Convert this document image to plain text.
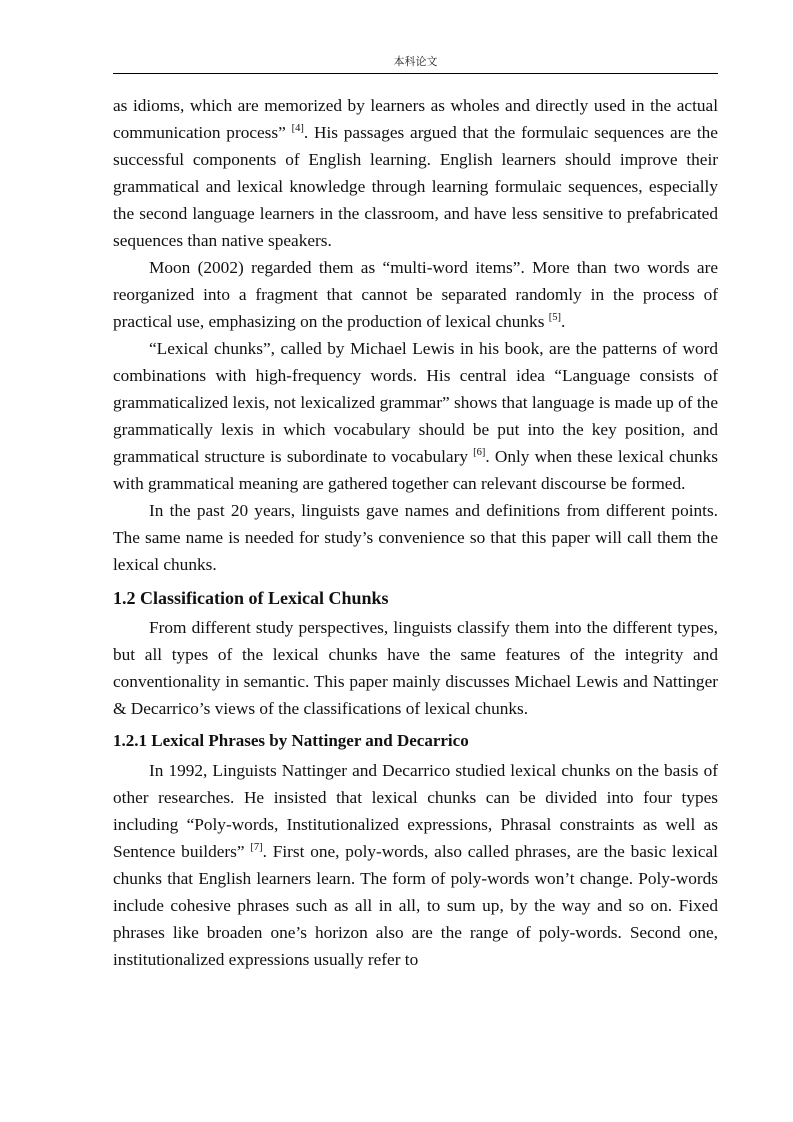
本科论文

as idioms, which are memorized by learners as wholes and directly used in the actual communication process” [4]. His passages argued that the formulaic sequences are the successful components of English learning. English learners should improve their grammatical and lexical knowledge through learning formulaic sequences, especially the second language learners in the classroom, and have less sensitive to prefabricated sequences than native speakers.

Moon (2002) regarded them as “multi-word items”. More than two words are reorganized into a fragment that cannot be separated randomly in the process of practical use, emphasizing on the production of lexical chunks [5].

“Lexical chunks”, called by Michael Lewis in his book, are the patterns of word combinations with high-frequency words. His central idea “Language consists of grammaticalized lexis, not lexicalized grammar” shows that language is made up of the grammatically lexis in which vocabulary should be put into the key position, and grammatical structure is subordinate to vocabulary [6]. Only when these lexical chunks with grammatical meaning are gathered together can relevant discourse be formed.

In the past 20 years, linguists gave names and definitions from different points. The same name is needed for study’s convenience so that this paper will call them the lexical chunks.

1.2 Classification of Lexical Chunks

From different study perspectives, linguists classify them into the different types, but all types of the lexical chunks have the same features of the integrity and conventionality in semantic. This paper mainly discusses Michael Lewis and Nattinger & Decarrico’s views of the classifications of lexical chunks.

1.2.1 Lexical Phrases by Nattinger and Decarrico

In 1992, Linguists Nattinger and Decarrico studied lexical chunks on the basis of other researches. He insisted that lexical chunks can be divided into four types including “Poly-words, Institutionalized expressions, Phrasal constraints as well as Sentence builders” [7]. First one, poly-words, also called phrases, are the basic lexical chunks that English learners learn. The form of poly-words won’t change. Poly-words include cohesive phrases such as all in all, to sum up, by the way and so on. Fixed phrases like broaden one’s horizon also are the range of poly-words. Second one, institutionalized expressions usually refer to
